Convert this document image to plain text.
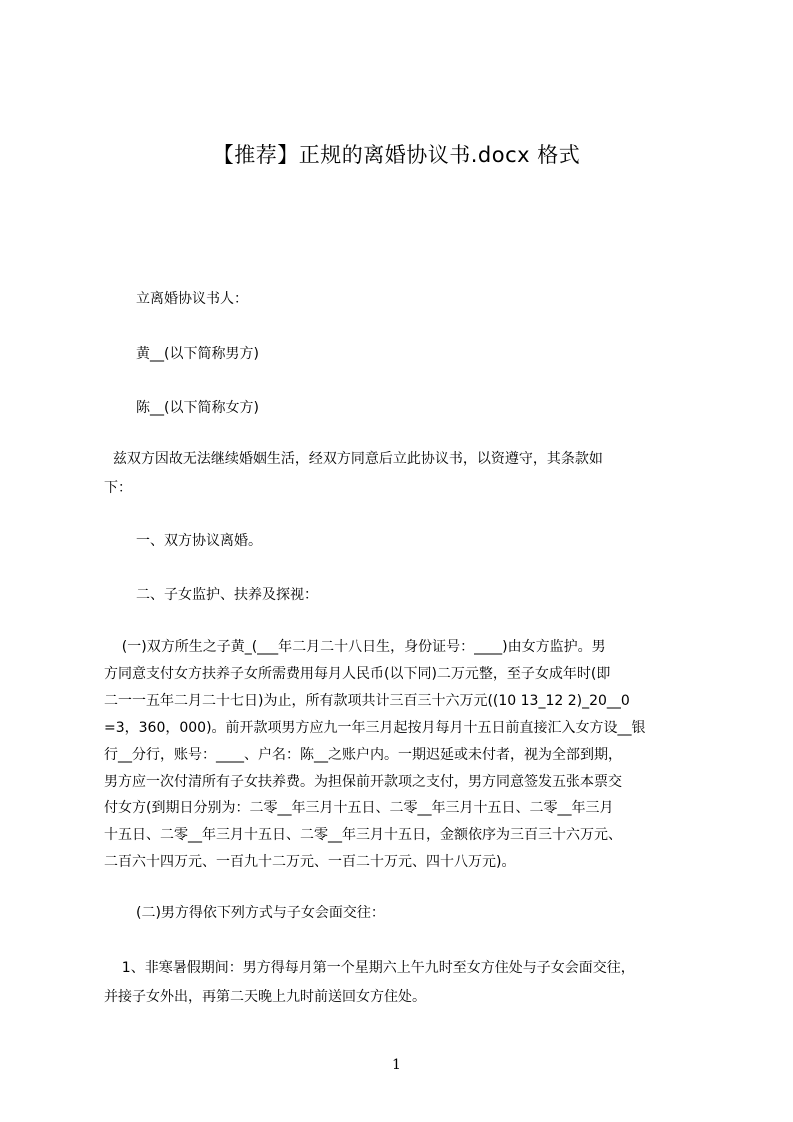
【推荐】正规的离婚协议书.docx 格式
立离婚协议书人：
黄__(以下简称男方)
陈__(以下简称女方)
兹双方因故无法继续婚姻生活，经双方同意后立此协议书，以资遵守，其条款如
下：
一、双方协议离婚。
二、子女监护、扶养及探视：
(一)双方所生之子黄_(___年二月二十八日生，身份证号：____)由女方监护。男
方同意支付女方扶养子女所需费用每月人民币(以下同)二万元整，至子女成年时(即
二一一五年二月二十七日)为止，所有款项共计三百三十六万元((10 13_12 2)_20__0
=3，360，000)。前开款项男方应九一年三月起按月每月十五日前直接汇入女方设__银
行__分行，账号：____、户名：陈__之账户内。一期迟延或未付者，视为全部到期，
男方应一次付清所有子女扶养费。为担保前开款项之支付，男方同意签发五张本票交
付女方(到期日分别为：二零__年三月十五日、二零__年三月十五日、二零__年三月
十五日、二零__年三月十五日、二零__年三月十五日，金额依序为三百三十六万元、
二百六十四万元、一百九十二万元、一百二十万元、四十八万元)。
(二)男方得依下列方式与子女会面交往：
1、非寒暑假期间：男方得每月第一个星期六上午九时至女方住处与子女会面交往，
并接子女外出，再第二天晚上九时前送回女方住处。
1
